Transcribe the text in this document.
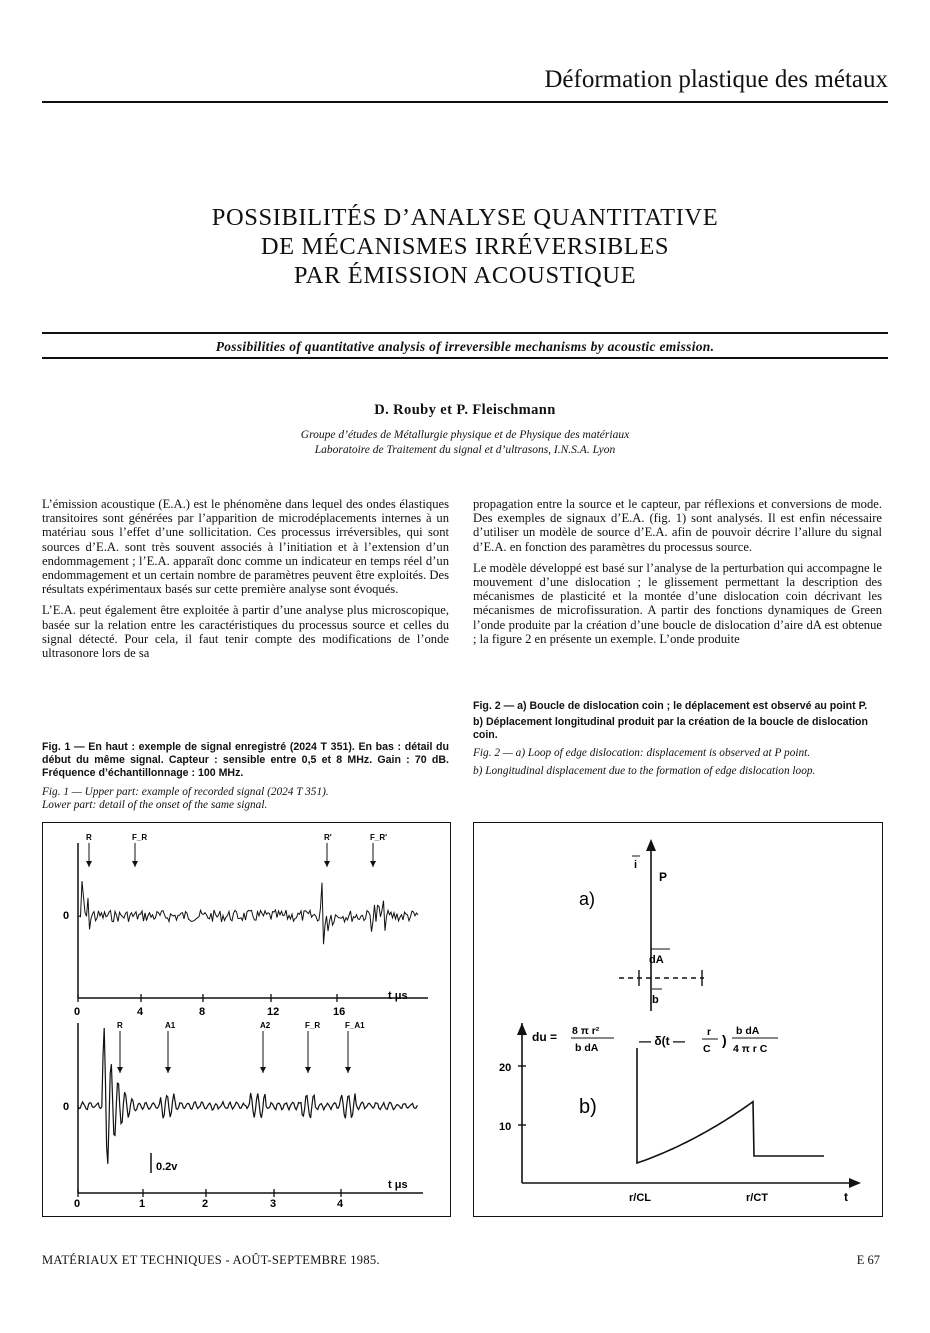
Déformation plastique des métaux
POSSIBILITÉS D’ANALYSE QUANTITATIVE
DE MÉCANISMES IRRÉVERSIBLES
PAR ÉMISSION ACOUSTIQUE
Possibilities of quantitative analysis of irreversible mechanisms by acoustic emission.
D. Rouby et P. Fleischmann
Groupe d’études de Métallurgie physique et de Physique des matériaux
Laboratoire de Traitement du signal et d’ultrasons, I.N.S.A. Lyon

L’émission acoustique (E.A.) est le phénomène dans lequel des ondes élastiques transitoires sont générées par l’apparition de microdéplacements internes à un matériau sous l’effet d’une sollicitation. Ces processus irréversibles, qui sont sources d’E.A. sont très souvent associés à l’initiation et à l’extension d’un endommagement ; l’E.A. apparaît donc comme un indicateur en temps réel d’un endommagement et un certain nombre de paramètres peuvent être exploités. Des résultats expérimentaux basés sur cette première analyse sont évoqués.

L’E.A. peut également être exploitée à partir d’une analyse plus microscopique, basée sur la relation entre les caractéristiques du processus source et celles du signal détecté. Pour cela, il faut tenir compte des modifications de l’onde ultrasonore lors de sa

propagation entre la source et le capteur, par réflexions et conversions de mode. Des exemples de signaux d’E.A. (fig. 1) sont analysés. Il est enfin nécessaire d’utiliser un modèle de source d’E.A. afin de pouvoir décrire l’allure du signal d’E.A. en fonction des paramètres du processus source.

Le modèle développé est basé sur l’analyse de la perturbation qui accompagne le mouvement d’une dislocation ; le glissement permettant la description des mécanismes de plasticité et la montée d’une dislocation coin décrivant les mécanismes de microfissuration. A partir des fonctions dynamiques de Green l’onde produite par la création d’une boucle de dislocation d’aire dA est obtenue ; la figure 2 en présente un exemple. L’onde produite

Fig. 1 — En haut : exemple de signal enregistré (2024 T 351). En bas : détail du début du même signal. Capteur : sensible entre 0,5 et 8 MHz. Gain : 70 dB. Fréquence d’échantillonnage : 100 MHz.
Fig. 1 — Upper part: example of recorded signal (2024 T 351).
Lower part: detail of the onset of the same signal.
0
t μs
0	4	8	12	16
R	F_R	R'	F_R'
0
t μs
0	1	2	3	4
R	A1	A2	F_R	F_A1
0.2v
Fig. 2 — a) Boucle de dislocation coin ; le déplacement est observé au point P.
b) Déplacement longitudinal produit par la création de la boucle de dislocation coin.
Fig. 2 — a) Loop of edge dislocation: displacement is observed at P point.
b) Longitudinal displacement due to the formation of edge dislocation loop.
a)
i
P
dA
b
20
10
du = 8 π r²
b dA	— δ(t —
r
C
)
b dA
4 π r C
b)
r/CL	r/CT	t
MATÉRIAUX ET TECHNIQUES - AOÛT-SEPTEMBRE 1985.	E 67
